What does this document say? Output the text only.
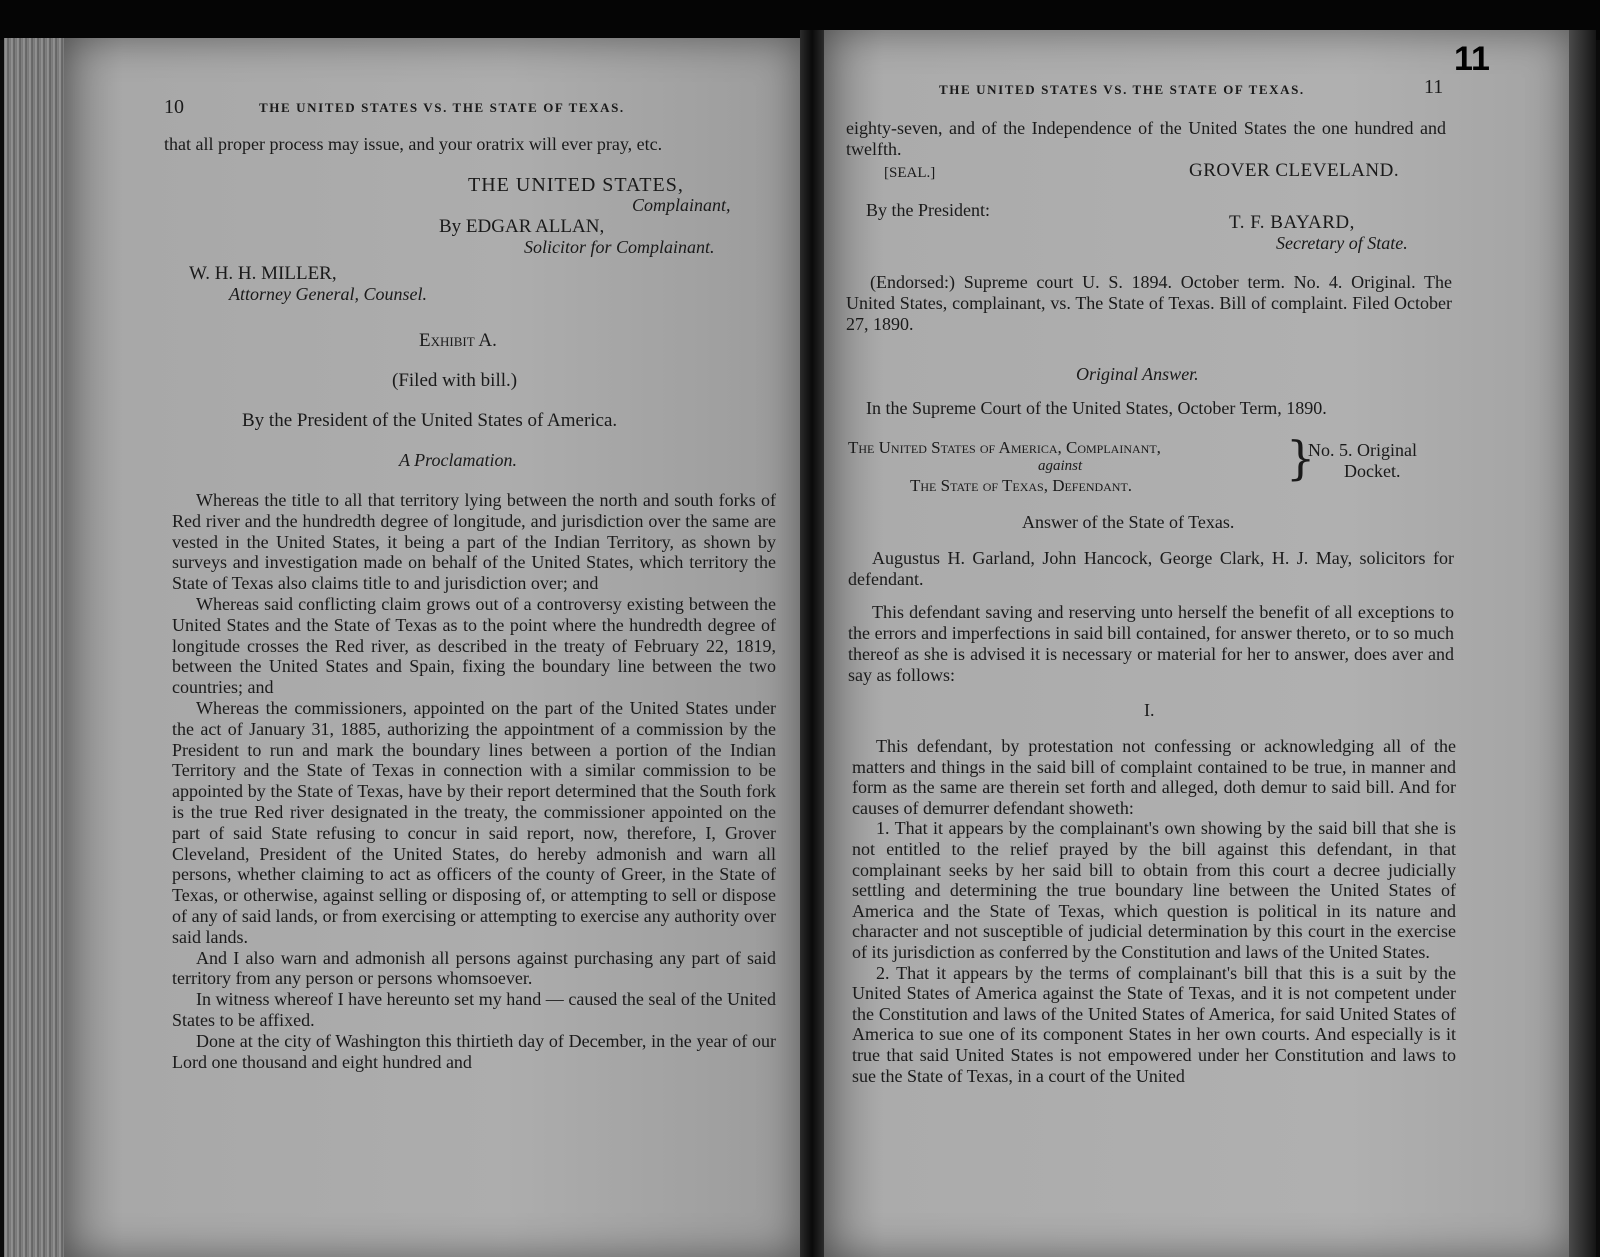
10	THE UNITED STATES VS. THE STATE OF TEXAS.

that all proper process may issue, and your oratrix will ever pray, etc.

THE UNITED STATES,
Complainant,
By EDGAR ALLAN,
Solicitor for Complainant.
W. H. H. MILLER,
Attorney General, Counsel.
Exhibit A.
(Filed with bill.)
By the President of the United States of America.
A Proclamation.

Whereas the title to all that territory lying between the north and south forks of Red river and the hundredth degree of longitude, and jurisdiction over the same are vested in the United States, it being a part of the Indian Territory, as shown by surveys and investigation made on behalf of the United States, which territory the State of Texas also claims title to and jurisdiction over; and

Whereas said conflicting claim grows out of a controversy existing between the United States and the State of Texas as to the point where the hundredth degree of longitude crosses the Red river, as described in the treaty of February 22, 1819, between the United States and Spain, fixing the boundary line between the two countries; and

Whereas the commissioners, appointed on the part of the United States under the act of January 31, 1885, authorizing the appointment of a commission by the President to run and mark the boundary lines between a portion of the Indian Territory and the State of Texas in connection with a similar commission to be appointed by the State of Texas, have by their report determined that the South fork is the true Red river designated in the treaty, the commissioner appointed on the part of said State refusing to concur in said report, now, therefore, I, Grover Cleveland, President of the United States, do hereby admonish and warn all persons, whether claiming to act as officers of the county of Greer, in the State of Texas, or otherwise, against selling or disposing of, or attempting to sell or dispose of any of said lands, or from exercising or attempting to exercise any authority over said lands.

And I also warn and admonish all persons against purchasing any part of said territory from any person or persons whomsoever.

In witness whereof I have hereunto set my hand — caused the seal of the United States to be affixed.

Done at the city of Washington this thirtieth day of December, in the year of our Lord one thousand and eight hundred and

THE UNITED STATES VS. THE STATE OF TEXAS.	11
11

eighty-seven, and of the Independence of the United States the one hundred and twelfth.

[SEAL.]	GROVER CLEVELAND.
By the President:
T. F. BAYARD,
Secretary of State.

(Endorsed:) Supreme court U. S. 1894. October term. No. 4. Original. The United States, complainant, vs. The State of Texas. Bill of complaint. Filed October 27, 1890.

Original Answer.
In the Supreme Court of the United States, October Term, 1890.
The United States of America, Complainant,
against
The State of Texas, Defendant.
}
No. 5. Original
Docket.
Answer of the State of Texas.

Augustus H. Garland, John Hancock, George Clark, H. J. May, solicitors for defendant.

This defendant saving and reserving unto herself the benefit of all exceptions to the errors and imperfections in said bill contained, for answer thereto, or to so much thereof as she is advised it is necessary or material for her to answer, does aver and say as follows:

I.

This defendant, by protestation not confessing or acknowledging all of the matters and things in the said bill of complaint contained to be true, in manner and form as the same are therein set forth and alleged, doth demur to said bill. And for causes of demurrer defendant showeth:

1. That it appears by the complainant's own showing by the said bill that she is not entitled to the relief prayed by the bill against this defendant, in that complainant seeks by her said bill to obtain from this court a decree judicially settling and determining the true boundary line between the United States of America and the State of Texas, which question is political in its nature and character and not susceptible of judicial determination by this court in the exercise of its jurisdiction as conferred by the Constitution and laws of the United States.

2. That it appears by the terms of complainant's bill that this is a suit by the United States of America against the State of Texas, and it is not competent under the Constitution and laws of the United States of America, for said United States of America to sue one of its component States in her own courts. And especially is it true that said United States is not empowered under her Constitution and laws to sue the State of Texas, in a court of the United
